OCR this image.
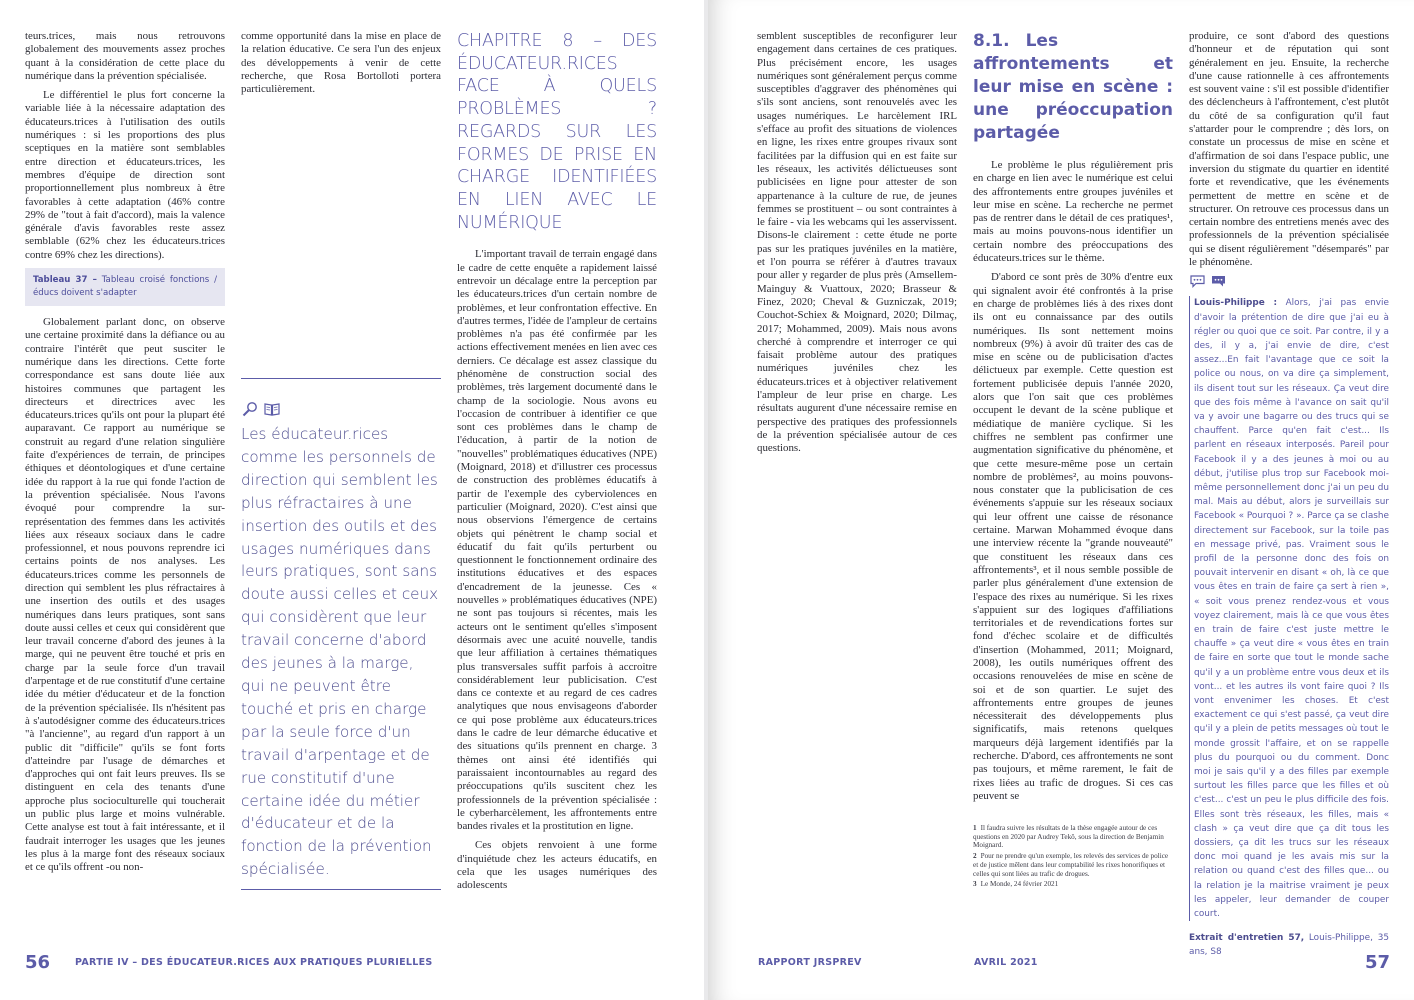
teurs.trices, mais nous retrouvons globalement des mouvements assez proches quant à la considération de cette place du numérique dans la prévention spécialisée.

Le différentiel le plus fort concerne la variable liée à la nécessaire adaptation des éducateurs.trices à l'utilisation des outils numériques : si les proportions des plus sceptiques en la matière sont semblables entre direction et éducateurs.trices, les membres d'équipe de direction sont proportionnellement plus nombreux à être favorables à cette adaptation (46% contre 29% de "tout à fait d'accord), mais la valence générale d'avis favorables reste assez semblable (62% chez les éducateurs.trices contre 69% chez les directions).

Tableau 37 – Tableau croisé fonctions / éducs doivent s'adapter

Globalement parlant donc, on observe une certaine proximité dans la défiance ou au contraire l'intérêt que peut susciter le numérique dans les directions. Cette forte correspondance est sans doute liée aux histoires communes que partagent les directeurs et directrices avec les éducateurs.trices qu'ils ont pour la plupart été auparavant. Ce rapport au numérique se construit au regard d'une relation singulière faite d'expériences de terrain, de principes éthiques et déontologiques et d'une certaine idée du rapport à la rue qui fonde l'action de la prévention spécialisée. Nous l'avons évoqué pour comprendre la sur-représentation des femmes dans les activités liées aux réseaux sociaux dans le cadre professionnel, et nous pouvons reprendre ici certains points de nos analyses. Les éducateurs.trices comme les personnels de direction qui semblent les plus réfractaires à une insertion des outils et des usages numériques dans leurs pratiques, sont sans doute aussi celles et ceux qui considèrent que leur travail concerne d'abord des jeunes à la marge, qui ne peuvent être touché et pris en charge par la seule force d'un travail d'arpentage et de rue constitutif d'une certaine idée du métier d'éducateur et de la fonction de la prévention spécialisée. Ils n'hésitent pas à s'autodésigner comme des éducateurs.trices "à l'ancienne", au regard d'un rapport à un public dit "difficile" qu'ils se font forts d'atteindre par l'usage de démarches et d'approches qui ont fait leurs preuves. Ils se distinguent en cela des tenants d'une approche plus socioculturelle qui toucherait un public plus large et moins vulnérable. Cette analyse est tout à fait intéressante, et il faudrait interroger les usages que les jeunes les plus à la marge font des réseaux sociaux et ce qu'ils offrent -ou non-

comme opportunité dans la mise en place de la relation éducative. Ce sera l'un des enjeux des développements à venir de cette recherche, que Rosa Bortolloti portera particulièrement.

Les éducateur.rices comme les personnels de direction qui semblent les plus réfractaires à une insertion des outils et des usages numériques dans leurs pratiques, sont sans doute aussi celles et ceux qui considèrent que leur travail concerne d'abord des jeunes à la marge, qui ne peuvent être touché et pris en charge par la seule force d'un travail d'arpentage et de rue constitutif d'une certaine idée du métier d'éducateur et de la fonction de la prévention spécialisée.

CHAPITRE 8 – DES ÉDUCATEUR.RICES FACE À QUELS PROBLÈMES ? REGARDS SUR LES FORMES DE PRISE EN CHARGE IDENTIFIÉES EN LIEN AVEC LE NUMÉRIQUE

L'important travail de terrain engagé dans le cadre de cette enquête a rapidement laissé entrevoir un décalage entre la perception par les éducateurs.trices d'un certain nombre de problèmes, et leur confrontation effective. En d'autres termes, l'idée de l'ampleur de certains problèmes n'a pas été confirmée par les actions effectivement menées en lien avec ces derniers. Ce décalage est assez classique du phénomène de construction social des problèmes, très largement documenté dans le champ de la sociologie. Nous avons eu l'occasion de contribuer à identifier ce que sont ces problèmes dans le champ de l'éducation, à partir de la notion de "nouvelles" problématiques éducatives (NPE) (Moignard, 2018) et d'illustrer ces processus de construction des problèmes éducatifs à partir de l'exemple des cyberviolences en particulier (Moignard, 2020). C'est ainsi que nous observions l'émergence de certains objets qui pénètrent le champ social et éducatif du fait qu'ils perturbent ou questionnent le fonctionnement ordinaire des institutions éducatives et des espaces d'encadrement de la jeunesse. Ces « nouvelles » problématiques éducatives (NPE) ne sont pas toujours si récentes, mais les acteurs ont le sentiment qu'elles s'imposent désormais avec une acuité nouvelle, tandis que leur affiliation à certaines thématiques plus transversales suffit parfois à accroitre considérablement leur publicisation. C'est dans ce contexte et au regard de ces cadres analytiques que nous envisageons d'aborder ce qui pose problème aux éducateurs.trices dans le cadre de leur démarche éducative et des situations qu'ils prennent en charge. 3 thèmes ont ainsi été identifiés qui paraissaient incontournables au regard des préoccupations qu'ils suscitent chez les professionnels de la prévention spécialisée : le cyberharcèlement, les affrontements entre bandes rivales et la prostitution en ligne.

Ces objets renvoient à une forme d'inquiétude chez les acteurs éducatifs, en cela que les usages numériques des adolescents

56	PARTIE IV – DES ÉDUCATEUR.RICES AUX PRATIQUES PLURIELLES

semblent susceptibles de reconfigurer leur engagement dans certaines de ces pratiques. Plus précisément encore, les usages numériques sont généralement perçus comme susceptibles d'aggraver des phénomènes qui s'ils sont anciens, sont renouvelés avec les usages numériques. Le harcèlement IRL s'efface au profit des situations de violences en ligne, les rixes entre groupes rivaux sont facilitées par la diffusion qui en est faite sur les réseaux, les activités délictueuses sont publicisées en ligne pour attester de son appartenance à la culture de rue, de jeunes femmes se prostituent – ou sont contraintes à le faire - via les webcams qui les asservissent. Disons-le clairement : cette étude ne porte pas sur les pratiques juvéniles en la matière, et l'on pourra se référer à d'autres travaux pour aller y regarder de plus près (Amsellem-Mainguy & Vuattoux, 2020; Brasseur & Finez, 2020; Cheval & Guzniczak, 2019; Couchot-Schiex & Moignard, 2020; Dilmaç, 2017; Mohammed, 2009). Mais nous avons cherché à comprendre et interroger ce qui faisait problème autour des pratiques numériques juvéniles chez les éducateurs.trices et à objectiver relativement l'ampleur de leur prise en charge. Les résultats augurent d'une nécessaire remise en perspective des pratiques des professionnels de la prévention spécialisée autour de ces questions.

8.1. Les affrontements et leur mise en scène : une préoccupation partagée

Le problème le plus régulièrement pris en charge en lien avec le numérique est celui des affrontements entre groupes juvéniles et leur mise en scène. La recherche ne permet pas de rentrer dans le détail de ces pratiques¹, mais au moins pouvons-nous identifier un certain nombre des préoccupations des éducateurs.trices sur le thème.

D'abord ce sont près de 30% d'entre eux qui signalent avoir été confrontés à la prise en charge de problèmes liés à des rixes dont ils ont eu connaissance par des outils numériques. Ils sont nettement moins nombreux (9%) à avoir dû traiter des cas de mise en scène ou de publicisation d'actes délictueux par exemple. Cette question est fortement publicisée depuis l'année 2020, alors que l'on sait que ces problèmes occupent le devant de la scène publique et médiatique de manière cyclique. Si les chiffres ne semblent pas confirmer une augmentation significative du phénomène, et que cette mesure-même pose un certain nombre de problèmes², au moins pouvons-nous constater que la publicisation de ces événements s'appuie sur les réseaux sociaux qui leur offrent une caisse de résonance certaine. Marwan Mohammed évoque dans une interview récente la "grande nouveauté" que constituent les réseaux dans ces affrontements³, et il nous semble possible de parler plus généralement d'une extension de l'espace des rixes au numérique. Si les rixes s'appuient sur des logiques d'affiliations territoriales et de revendications fortes sur fond d'échec scolaire et de difficultés d'insertion (Mohammed, 2011; Moignard, 2008), les outils numériques offrent des occasions renouvelées de mise en scène de soi et de son quartier. Le sujet des affrontements entre groupes de jeunes nécessiterait des développements plus significatifs, mais retenons quelques marqueurs déjà largement identifiés par la recherche. D'abord, ces affrontements ne sont pas toujours, et même rarement, le fait de rixes liées au trafic de drogues. Si ces cas peuvent se

produire, ce sont d'abord des questions d'honneur et de réputation qui sont généralement en jeu. Ensuite, la recherche d'une cause rationnelle à ces affrontements est souvent vaine : s'il est possible d'identifier des déclencheurs à l'affrontement, c'est plutôt du côté de sa configuration qu'il faut s'attarder pour le comprendre ; dès lors, on constate un processus de mise en scène et d'affirmation de soi dans l'espace public, une inversion du stigmate du quartier en identité forte et revendicative, que les événements permettent de mettre en scène et de structurer. On retrouve ces processus dans un certain nombre des entretiens menés avec des professionnels de la prévention spécialisée qui se disent régulièrement "désemparés" par le phénomène.

Louis-Philippe : Alors, j'ai pas envie d'avoir la prétention de dire que j'ai eu à régler ou quoi que ce soit. Par contre, il y a des, il y a, j'ai envie de dire, c'est assez...En fait l'avantage que ce soit la police ou nous, on va dire ça simplement, ils disent tout sur les réseaux. Ça veut dire que des fois même à l'avance on sait qu'il va y avoir une bagarre ou des trucs qui se chauffent. Parce qu'en fait c'est... Ils parlent en réseaux interposés. Pareil pour Facebook il y a des jeunes à moi ou au début, j'utilise plus trop sur Facebook moi-même personnellement donc j'ai un peu du mal. Mais au début, alors je surveillais sur Facebook « Pourquoi ? ». Parce ça se clashe directement sur Facebook, sur la toile pas en message privé, pas. Vraiment sous le profil de la personne donc des fois on pouvait intervenir en disant « oh, là ce que vous êtes en train de faire ça sert à rien », « soit vous prenez rendez-vous et vous voyez clairement, mais là ce que vous êtes en train de faire c'est juste mettre le chauffe » ça veut dire « vous êtes en train de faire en sorte que tout le monde sache qu'il y a un problème entre vous deux et ils vont... et les autres ils vont faire quoi ? Ils vont envenimer les choses. Et c'est exactement ce qui s'est passé, ça veut dire qu'il y a plein de petits messages où tout le monde grossit l'affaire, et on se rappelle plus du pourquoi ou du comment. Donc moi je sais qu'il y a des filles par exemple surtout les filles parce que les filles et où c'est... c'est un peu le plus difficile des fois. Elles sont très réseaux, les filles, mais « clash » ça veut dire que ça dit tous les dossiers, ça dit les trucs sur les réseaux donc moi quand je les avais mis sur la relation ou quand c'est des filles que... ou la relation je la maitrise vraiment je peux les appeler, leur demander de couper court.

Extrait d'entretien 57, Louis-Philippe, 35 ans, S8
RAPPORT JRSPREV	AVRIL 2021	57
1 Il faudra suivre les résultats de la thèse engagée autour de ces questions en 2020 par Audrey Tekô, sous la direction de Benjamin Moignard.
2 Pour ne prendre qu'un exemple, les relevés des services de police et de justice mêlent dans leur comptabilité les rixes honorifiques et celles qui sont liées au trafic de drogues.
3 Le Monde, 24 février 2021
